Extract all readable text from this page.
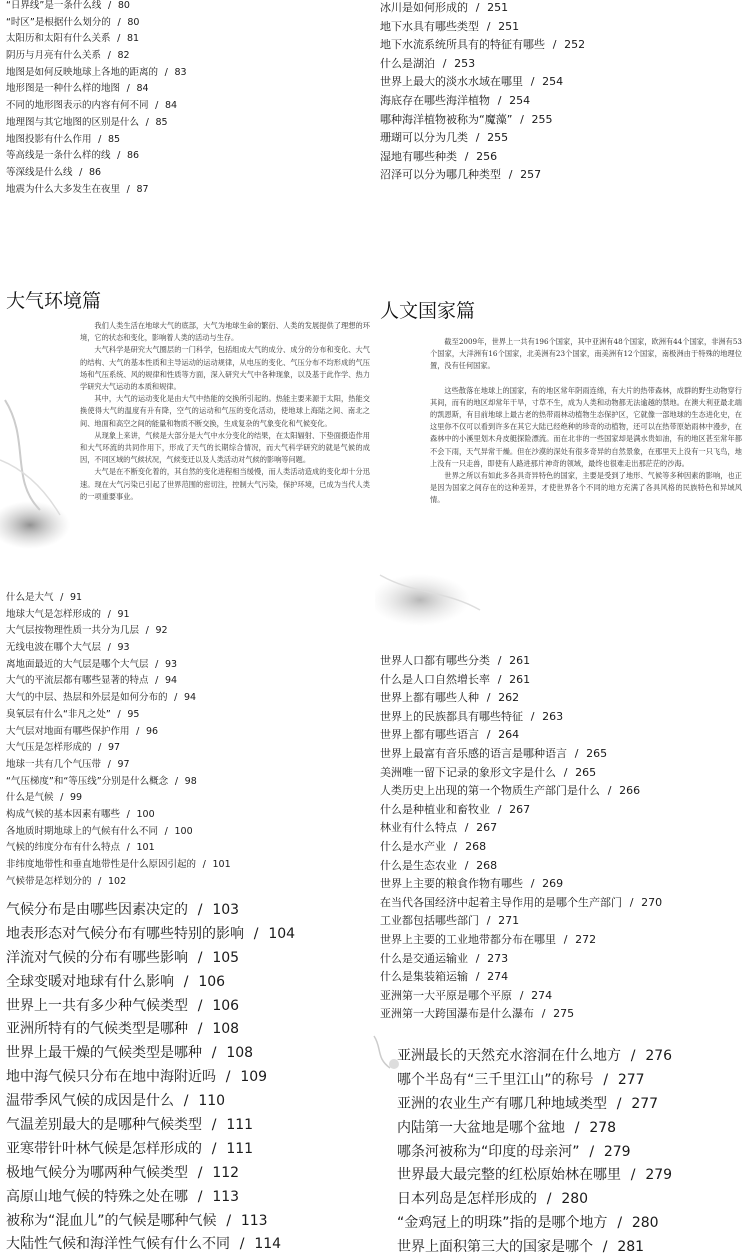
“日界线”是一条什么线 / 80
“时区”是根据什么划分的 / 80
太阳历和太阳有什么关系 / 81
阴历与月亮有什么关系 / 82
地图是如何反映地球上各地的距离的 / 83
地形图是一种什么样的地图 / 84
不同的地形图表示的内容有何不同 / 84
地理图与其它地图的区别是什么 / 85
地图投影有什么作用 / 85
等高线是一条什么样的线 / 86
等深线是什么线 / 86
地震为什么大多发生在夜里 / 87
冰川是如何形成的 / 251
地下水具有哪些类型 / 251
地下水流系统所具有的特征有哪些 / 252
什么是湖泊 / 253
世界上最大的淡水水域在哪里 / 254
海底存在哪些海洋植物 / 254
哪种海洋植物被称为“魔藻” / 255
珊瑚可以分为几类 / 255
湿地有哪些种类 / 256
沼泽可以分为哪几种类型 / 257
大气环境篇

我们人类生活在地球大气的底部，大气为地球生命的繁衍、人类的发展提供了理想的环境，它的状态和变化，影响着人类的活动与生存。

大气科学是研究大气圈层的一门科学，包括组成大气的成分、成分的分布和变化、大气的结构、大气的基本性质和主导运动的运动规律，从电压的变化、气压分布不均形成的气压场和气压系统、风的规律和性质等方面，深入研究大气中各种现象，以及基于此作学、热力学研究大气运动的本质和规律。

其中，大气的运动变化是由大气中热能的交换所引起的。热能主要来源于太阳，热能交换使得大气的温度有升有降，空气的运动和气压的变化活动，使地球上海陆之间、南北之间、地面和高空之间的能量和物质不断交换，生成复杂的气象变化和气候变化。

从现象上来讲，气候是大部分是大气中水分变化的结果，在太阳辐射、下垫面摄造作用和大气环流的共同作用下，形成了天气的长期综合情况，而大气科学研究的就是气候的成因，不同区域的气候状况，气候变迁以及人类活动对气候的影响等问题。

大气是在不断变化着的，其自然的变化进程相当缓慢，而人类活动造成的变化却十分迅速。现在大气污染已引起了世界范围的密切注，控制大气污染，保护环境，已成为当代人类的一项重要事业。

什么是大气 / 91
地球大气是怎样形成的 / 91
大气层按物理性质一共分为几层 / 92
无线电波在哪个大气层 / 93
离地面最近的大气层是哪个大气层 / 93
大气的平流层都有哪些显著的特点 / 94
大气的中层、热层和外层是如何分布的 / 94
臭氧层有什么“非凡之处” / 95
大气层对地面有哪些保护作用 / 96
大气压是怎样形成的 / 97
地球一共有几个气压带 / 97
“气压梯度”和“等压线”分别是什么概念 / 98
什么是气候 / 99
构成气候的基本因素有哪些 / 100
各地质时期地球上的气候有什么不同 / 100
气候的纬度分布有什么特点 / 101
非纬度地带性和垂直地带性是什么原因引起的 / 101
气候带是怎样划分的 / 102
气候分布是由哪些因素决定的 / 103
地表形态对气候分布有哪些特别的影响 / 104
洋流对气候的分布有哪些影响 / 105
全球变暖对地球有什么影响 / 106
世界上一共有多少种气候类型 / 106
亚洲所特有的气候类型是哪种 / 108
世界上最干燥的气候类型是哪种 / 108
地中海气候只分布在地中海附近吗 / 109
温带季风气候的成因是什么 / 110
气温差别最大的是哪种气候类型 / 111
亚寒带针叶林气候是怎样形成的 / 111
极地气候分为哪两种气候类型 / 112
高原山地气候的特殊之处在哪 / 113
被称为“混血儿”的气候是哪种气候 / 113
大陆性气候和海洋性气候有什么不同 / 114
人文国家篇

截至2009年，世界上一共有196个国家，其中亚洲有48个国家，欧洲有44个国家，非洲有53个国家，大洋洲有16个国家，北美洲有23个国家，南美洲有12个国家，南极洲由于特殊的地理位置，没有任何国家。

这些散落在地球上的国家，有的地区常年阴雨连绵，有大片的热带森林，成群的野生动物穿行其间，而有的地区却常年干旱，寸草不生，成为人类和动物都无法逾越的禁地。在澳大利亚最北端的凯恩斯，有目前地球上最古老的热带雨林动植物生态保护区，它就像一部地球的生态进化史，在这里你不仅可以看到许多在其它大陆已经绝种的珍奇的动植物，还可以在热带原始雨林中漫步，在森林中的小溪里划木舟皮艇探险漂流。而在北非的一些国家却是满水贵如油，有的地区甚至常年都不会下雨，天气异常干燥。但在沙漠的深处有很多奇异的自然景象，在那里天上没有一只飞鸟，地上没有一只走兽，即使有人路进那片神奇的领域，最终也很难走出那茫茫的沙海。

世界之所以有如此多各具奇异特色的国家，主要是受到了地形、气候等多种因素的影响，也正是因为国家之间存在的这种差异，才使世界各个不同的地方充满了各具风格的民族特色和异域风情。

世界人口都有哪些分类 / 261
什么是人口自然增长率 / 261
世界上都有哪些人种 / 262
世界上的民族都具有哪些特征 / 263
世界上都有哪些语言 / 264
世界上最富有音乐感的语言是哪种语言 / 265
美洲唯一留下记录的象形文字是什么 / 265
人类历史上出现的第一个物质生产部门是什么 / 266
什么是种植业和畜牧业 / 267
林业有什么特点 / 267
什么是水产业 / 268
什么是生态农业 / 268
世界上主要的粮食作物有哪些 / 269
在当代各国经济中起着主导作用的是哪个生产部门 / 270
工业都包括哪些部门 / 271
世界上主要的工业地带都分布在哪里 / 272
什么是交通运输业 / 273
什么是集装箱运输 / 274
亚洲第一大平原是哪个平原 / 274
亚洲第一大跨国瀑布是什么瀑布 / 275
亚洲最长的天然充水溶洞在什么地方 / 276
哪个半岛有“三千里江山”的称号 / 277
亚洲的农业生产有哪几种地域类型 / 277
内陆第一大盆地是哪个盆地 / 278
哪条河被称为“印度的母亲河” / 279
世界最大最完整的红松原始林在哪里 / 279
日本列岛是怎样形成的 / 280
“金鸡冠上的明珠”指的是哪个地方 / 280
世界上面积第三大的国家是哪个 / 281
